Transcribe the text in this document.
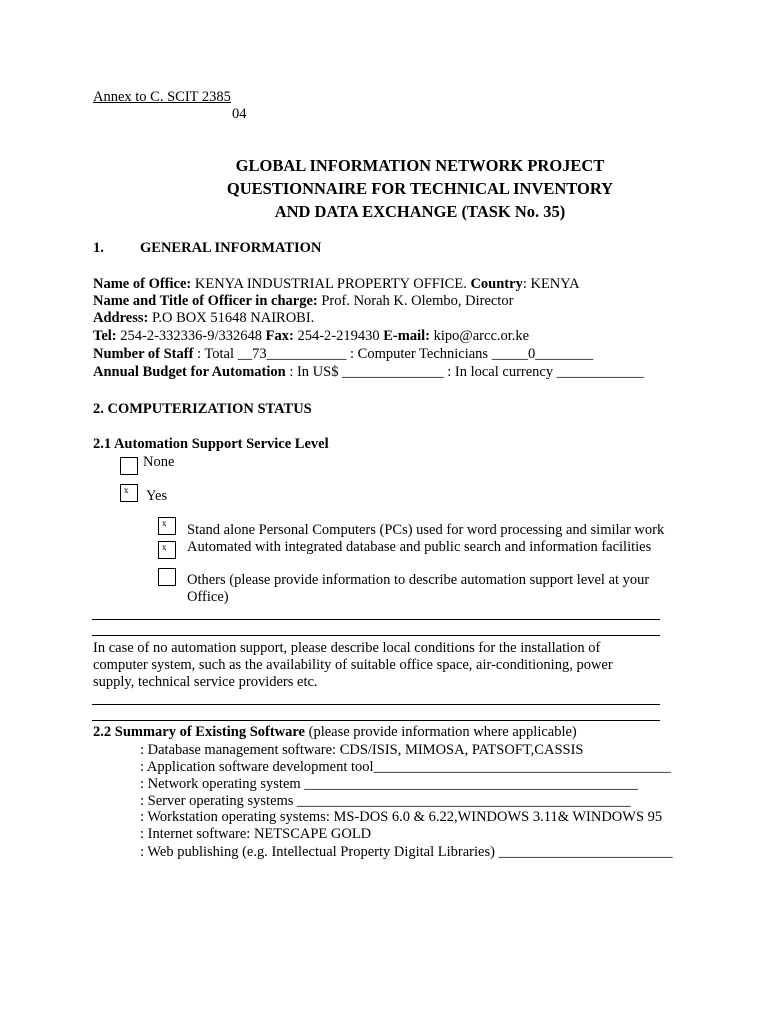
Annex to C. SCIT 2385
04
GLOBAL INFORMATION NETWORK PROJECT
QUESTIONNAIRE FOR TECHNICAL INVENTORY
AND DATA EXCHANGE (TASK No. 35)
1. GENERAL INFORMATION
Name of Office: KENYA INDUSTRIAL PROPERTY OFFICE. Country: KENYA
Name and Title of Officer in charge: Prof. Norah K. Olembo, Director
Address: P.O BOX 51648 NAIROBI.
Tel: 254-2-332336-9/332648 Fax: 254-2-219430 E-mail: kipo@arcc.or.ke
Number of Staff : Total __73___________ : Computer Technicians _____0________
Annual Budget for Automation : In US$ ______________ : In local currency ____________
2. COMPUTERIZATION STATUS
2.1 Automation Support Service Level
None
x	Yes
x	Stand alone Personal Computers (PCs) used for word processing and similar work
x	Automated with integrated database and public search and information facilities
Others (please provide information to describe automation support level at your
Office)
In case of no automation support, please describe local conditions for the installation of
computer system, such as the availability of suitable office space, air-conditioning, power
supply, technical service providers etc.
2.2 Summary of Existing Software (please provide information where applicable)
: Database management software: CDS/ISIS, MIMOSA, PATSOFT,CASSIS
: Application software development tool_________________________________________
: Network operating system ______________________________________________
: Server operating systems ______________________________________________
: Workstation operating systems: MS-DOS 6.0 & 6.22,WINDOWS 3.11& WINDOWS 95
: Internet software: NETSCAPE GOLD
: Web publishing (e.g. Intellectual Property Digital Libraries) ________________________
